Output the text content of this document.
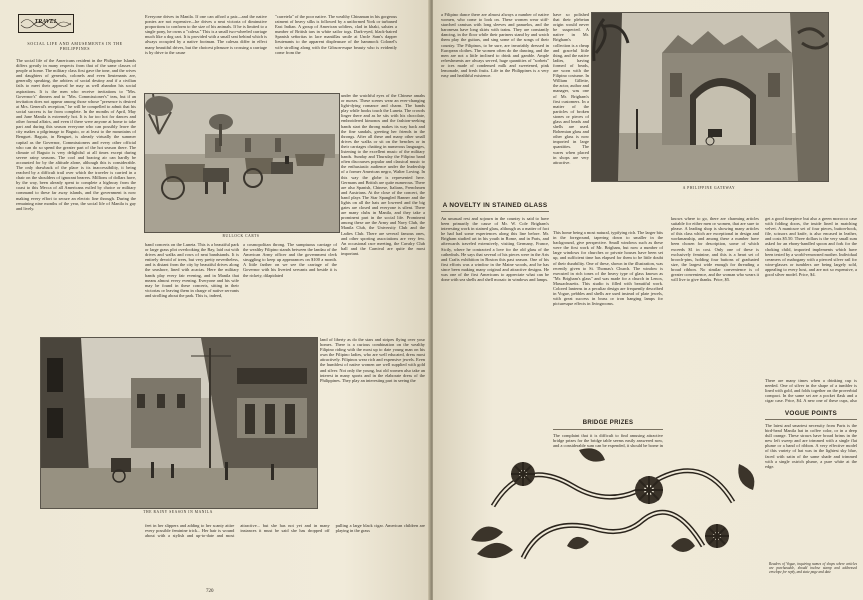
TRAVEL
SOCIAL LIFE AND AMUSEMENTS IN THE PHILIPPINES
The social life of the Americans resident in the Philippine Islands differs greatly in many respects from that of the same classes of people at home. The military class first gave the tone, and the wives and daughters of generals, colonels and even lieutenants are, generally speaking, the arbiters of social destiny and if a civilian fails to meet their approval he may as well abandon his social aspirations. It is the men who receive invitations to "Mrs. Governor's" dinners and to "Mrs. Commissioner's" teas, but if an invitation does not appear among those whose "presence is desired at Mrs. General's reception," he will be compelled to admit that his social success is far from complete. In the months of April, May and June Manila is extremely hot. It is far too hot for dances and other formal affairs, and even if there were anyone at home to take part and during this season everyone who can possibly leave the city makes a pilgrimage to Baguio, or at least to the mountains of Benguet. Baguio, in Benguet, is already virtually the summer capital as the Governor, Commissioners and every other official who can do so spend the greater part of the hot season there. The climate of Baguio is very delightful at all times except during severe rainy seasons. The cool and bracing air can hardly be accounted for by the altitude alone, although this is considerable. The only drawback of the place is its inaccessibility, it being reached by a difficult trail over which the traveler is carried in a chair on the shoulders of ignorant bearers. Millions of dollars have, by the way, been already spent to complete a highway from the coast to this Mecca of all Americans exiled by choice or military command to these far away islands, and the government is now making every effort to secure an electric line through. During the remaining nine months of the year, the social life of Manila is gay and lively.
Everyone drives in Manila. If one can afford a pair—and the native ponies are not expensive—he drives a neat victoria of diminutive proportions to conform to the size of his animals. If he is limited to a single pony, he owns a "calesa." This is a small two-wheeled carriage much like a dog cart. It is provided with a small seat behind which is always occupied by a native footman. The calesas differ in effect many beautiful drives, but the choicest pleasure is crossing a carriage is by drive to the cause
"carretela" of the poor native. The wealthy Chinaman in his gorgeous raiment of heavy silks is followed by a uniformed York or turbaned East Indian. A group of American soldiers, clad in khaki, salutes a number of British tars in white sailor togs. Dark-eyed, black-haired Spanish señoritas in lace mantillas smile at Uncle Sam's dapper lieutenants to the apparent displeasure of the hammock Colonel's wife strolling along with the Gibson-esque beauty who is evidently come from the
BULLOCK CARTS
under the watchful eyes of the Chinese amahs or nurses. These scenes wear an ever-changing light-dying romance and charm. The bands play while hooks touch the Luneta. The crowds linger there and as he sits with his chocolate, embroidered kimonos and the fashion-seeking bands start the throng makes its way back and the fine sandals, greeting her friends in the throngs. After all these and many other small drives the walks or sit on the benches or in their carriages chatting in numerous languages, listening to the excellent music of the military bands. Sunday and Thursday the Filipino band often discourses popular and classical music to the enthusiastic audience under the leadership of a former American negro, Walter Loving. In this way the globe is represented here. Germans and British are quite numerous. There are also Spanish, Chinese, Italians, Frenchmen and Austrians. At the close of the concert, the band plays The Star Spangled Banner and the lights on all the hats are lowered and the big gates are closed and everyone is silent. There are many clubs in Manila, and they take a prominent part in the social life. Prominent among these are the Army and Navy Club, the Manila Club, the University Club and the Ladies Club. There are several famous ones, and other sporting associations are very few. An occasional race meeting, the Cavalry Club ball and the Carnival are quite the most important.
band concerts on the Luneta. This is a beautiful park or large grass plot overlooking the Bay, laid out with drives and walks and rows of neat bandstands. It is entirely devoid of trees, but very pretty nevertheless, and is distant from the city by beautiful drives along the seashore, lined with acacias. Here the military bands play every fair evening, and in Manila that means almost every evening. Everyone and his wife may be found in these concerts, sitting in their victorias or leaving them in charge of native servants and strolling about the park. This is, indeed,
a cosmopolitan throng. The sumptuous carriage of the wealthy Filipino stands between the landau of the American Army officer and the government clerk struggling to keep up appearances on $100 a month. A little farther on we see the carriage of the Governor with his liveried servants and beside it is the rickety, dilapidated
THE RAINY SEASON IN MANILA
land of liberty as do the stars and stripes flying over your homes. There is a curious combination on the wealthy Filipino riding with the most up to date young man on his own the Filipino ladies, who are well educated, dress most attractively. Filipinos wear rich and expensive jewels. Even the humblest of native women are well supplied with gold and silver. Not only the young, but old women also take an interest in many sports and in the elaborate dress of the Philippines. They play an interesting part in seeing the
feet in her slippers and adding to her scanty attire every possible feminine trick... Her hair is wound about with a stylish and up-to-date and most attractive... but she has not yet and in many instances it must be said she has dropped off pulling a large black cigar. American children are playing in the grass
720
a Filipino dance there are almost always a number of native women, who come to look on. These women wear stiff-starched camisas with long sleeves and panuelos, and the baronesas have long skirts with trains. They are constantly dancing, in the floor while their partners stand by and watch them play the guitars, and sing some of the songs of their country. The Filipinos, to be sure, are invariably dressed in European clothes. The women often do the dancing, and the men are not a little inclined to drink and gamble. Ample refreshments are always served, huge quantities of "sorbets" or ices made of condensed milk and sweetened, pink lemonade, and fresh fruits. Life in the Philippines is a very easy and healthful existence.
have so polished that their plebeian origin would never be suspected. A native in Mr. Brigham's collection is a cheap and graceful little thing, and the native ladies, having formed of beads, are worn with the Filipino costume. In William Gillette, the actor, author and manager, was one of Mr. Brigham's first customers. In a matter of the particles of broken stones or pieces of glass and beads and shells are used. Bohemian glass and other glass is now imported in large quantities. The wares when placed in shops are very attractive.
A PHILIPPINE GATEWAY
A NOVELTY IN STAINED GLASS
An unusual rest and sojourn in the country is said to have been primarily the cause of Mr. W. Cole Brigham's interesting work in stained glass, although as a matter of fact he had had some experiences along this line before. Mr. Brigham studied art in his youth in Rome, and in Paris, and afterwards traveled extensively, visiting Germany, France, Sicily, where he contracted a love for the old glass of the cathedrals. He says that several of his pieces were in the Arts and Crafts exhibition in Boston this past season. One of his first efforts was a window in the Maine woods, and he has since been making many original and attractive designs. He was one of the first Americans to appreciate what can be done with sea shells and shell mosaic in windows and lamps.
This home being a most natural, typifying rich. The larger bits in the foreground, tapering down to smaller in the background, give perspective. Small windows such as these were the first work of Mr. Brigham, but now a number of large windows for churches or private houses have been set up, and sufficient time has elapsed for them to be little doubt of their durability. One of these, shown in the illustration, was recently given to St. Thomas's Church. The window is executed in rich tones of the heavy type of glass known as "Mr. Brigham's glass" and was made for a church in Lenox, Massachusetts. This studio is filled with beautiful work. Colored lanterns in a peculiar design are frequently described in Vogue, pebbles and shells are used instead of plate jewels, with great success in brass or iron hanging lamps for picturesque effects in livingrooms.
knows where to go, there are charming articles suitable for either men or women, that are sure to please. A leading shop is showing many articles of this class which are exceptional in design and workmanship, and among these a number have been chosen for description, some of which exceeds $1 in cost. Only one of these is exclusively feminine, and this is a heart set of brooch-pins, holding four buttons of graduated size, the largest wide enough for threading a broad ribbon. No similar convenience is of greater convenience, and the woman who wears it will live to give thanks. Price, $5.
get a good timepiece but also a green morocco case with folding doors, the inside lined in matching velvet. A manicure set of four pieces, button-hook, file, scissors and knife, is also encased in leather, and costs $5.50. Three dollars is the very small sum asked for an ebony-handled spoon and fork for the choking child, imported implements which have been tested by a world-renowned mother. Individual creamers of mahogany with a pierced silver rail for wine-glasses or tumblers are being largely sold, appealing to every host, and are not so expensive, a good silver model. Price, $4.
There are many times when a drinking cup is needed. One of silver in the shape of a tumbler is lined with gold, and folds together on the proverbial compact. In the same set are a pocket flask and a cigar case. Price, $4. A new one of these cups, also
VOGUE POINTS
The latest and smartest necessity from Paris is the bird-head Manila hat in coffee color, or in a deep dull orange. These straws have broad brims in the new left sweep and are trimmed with a single flat plume or a band of ribbon. A very effective model of this variety of hat was in the lightest sky blue, faced with satin of the same shade and trimmed with a single ostrich plume, a pure white at the edge.
BRIDGE PRIZES
The complaint that it is difficult to find amusing attractive bridge prizes for the bridge table seems easily answered now, and a considerable sum can be expended, it should be borne in
Readers of Vogue, inquiring names of shops where articles are purchasable, should inclose stamp and addressed envelope for reply, and state page and date
